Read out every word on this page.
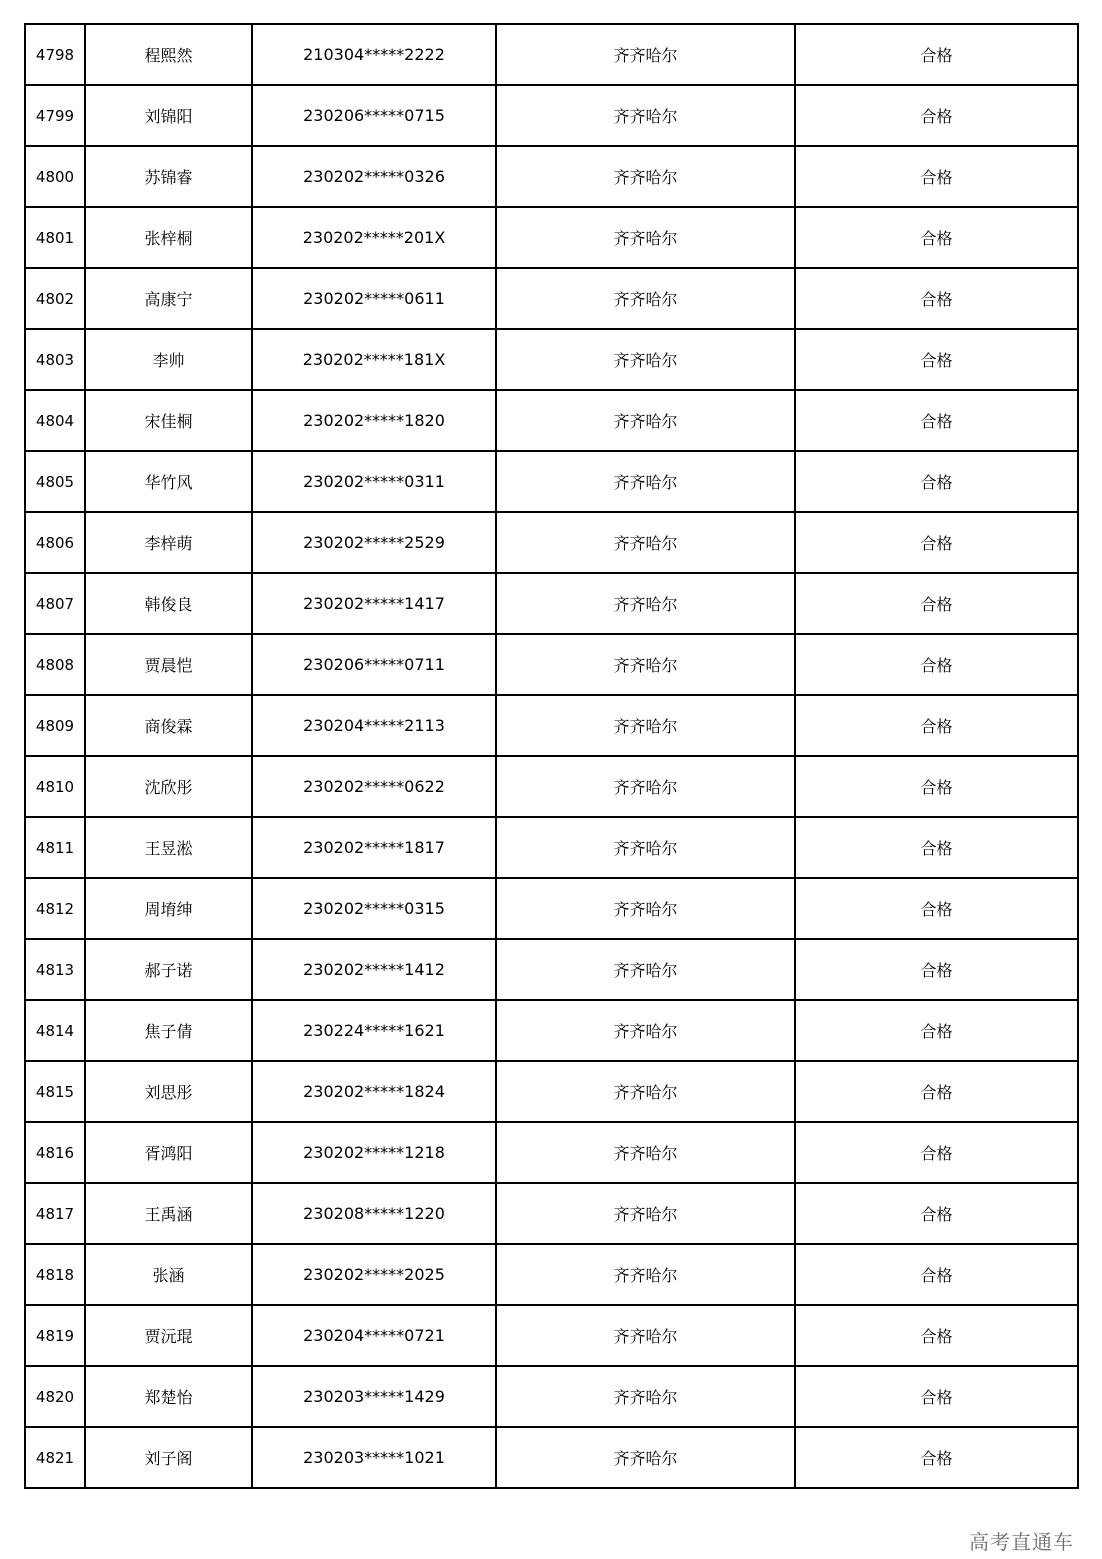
4798	程熙然	210304*****2222	齐齐哈尔	合格
4799	刘锦阳	230206*****0715	齐齐哈尔	合格
4800	苏锦睿	230202*****0326	齐齐哈尔	合格
4801	张梓桐	230202*****201X	齐齐哈尔	合格
4802	高康宁	230202*****0611	齐齐哈尔	合格
4803	李帅	230202*****181X	齐齐哈尔	合格
4804	宋佳桐	230202*****1820	齐齐哈尔	合格
4805	华竹风	230202*****0311	齐齐哈尔	合格
4806	李梓萌	230202*****2529	齐齐哈尔	合格
4807	韩俊良	230202*****1417	齐齐哈尔	合格
4808	贾晨恺	230206*****0711	齐齐哈尔	合格
4809	商俊霖	230204*****2113	齐齐哈尔	合格
4810	沈欣彤	230202*****0622	齐齐哈尔	合格
4811	王昱淞	230202*****1817	齐齐哈尔	合格
4812	周堉绅	230202*****0315	齐齐哈尔	合格
4813	郝子诺	230202*****1412	齐齐哈尔	合格
4814	焦子倩	230224*****1621	齐齐哈尔	合格
4815	刘思彤	230202*****1824	齐齐哈尔	合格
4816	胥鸿阳	230202*****1218	齐齐哈尔	合格
4817	王禹涵	230208*****1220	齐齐哈尔	合格
4818	张涵	230202*****2025	齐齐哈尔	合格
4819	贾沅琨	230204*****0721	齐齐哈尔	合格
4820	郑楚怡	230203*****1429	齐齐哈尔	合格
4821	刘子阁	230203*****1021	齐齐哈尔	合格
高考直通车
